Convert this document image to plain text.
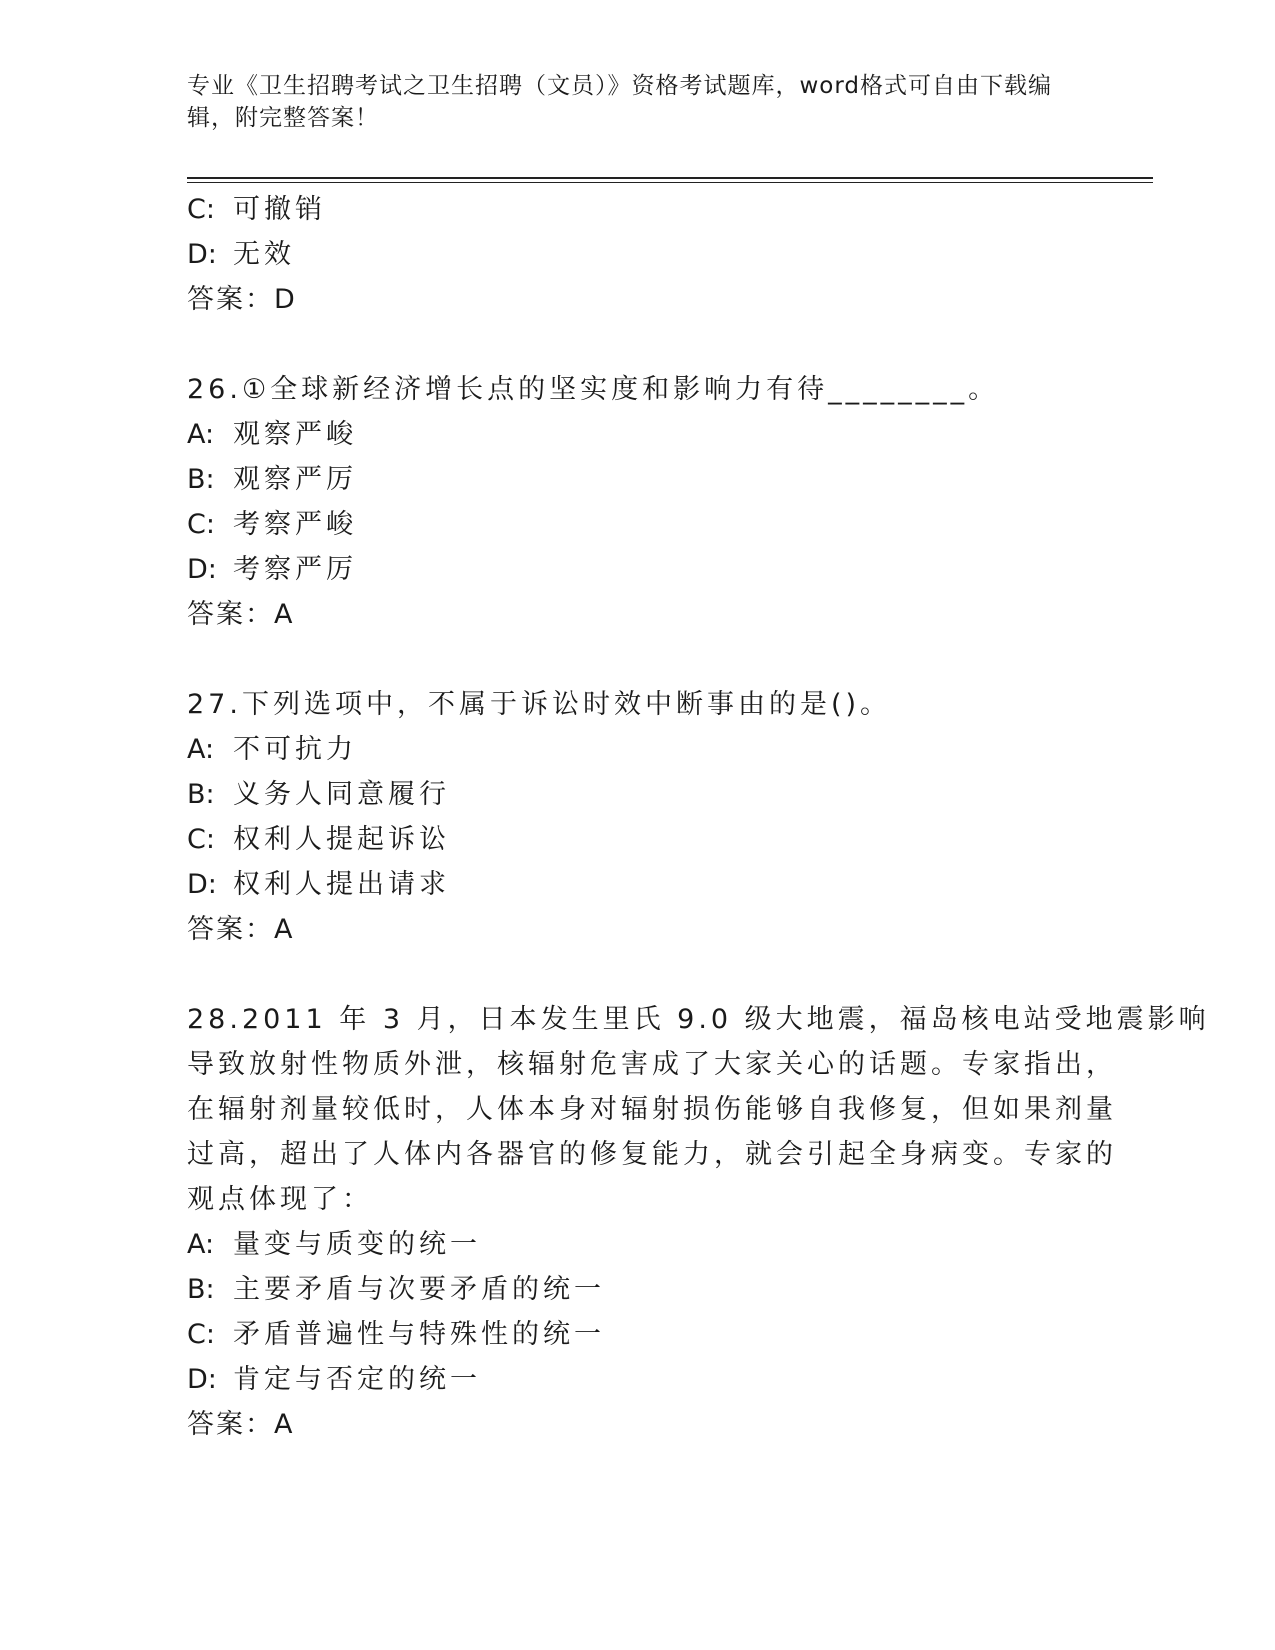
专业《卫生招聘考试之卫生招聘（文员）》资格考试题库，word格式可自由下载编辑，附完整答案！
C: 可撤销
D: 无效
答案：D
26.①全球新经济增长点的坚实度和影响力有待________。
A: 观察严峻
B: 观察严厉
C: 考察严峻
D: 考察严厉
答案：A
27.下列选项中，不属于诉讼时效中断事由的是()。
A: 不可抗力
B: 义务人同意履行
C: 权利人提起诉讼
D: 权利人提出请求
答案：A
28.2011 年 3 月，日本发生里氏 9.0 级大地震，福岛核电站受地震影响
导致放射性物质外泄，核辐射危害成了大家关心的话题。专家指出，
在辐射剂量较低时，人体本身对辐射损伤能够自我修复，但如果剂量
过高，超出了人体内各器官的修复能力，就会引起全身病变。专家的
观点体现了：
A: 量变与质变的统一
B: 主要矛盾与次要矛盾的统一
C: 矛盾普遍性与特殊性的统一
D: 肯定与否定的统一
答案：A
